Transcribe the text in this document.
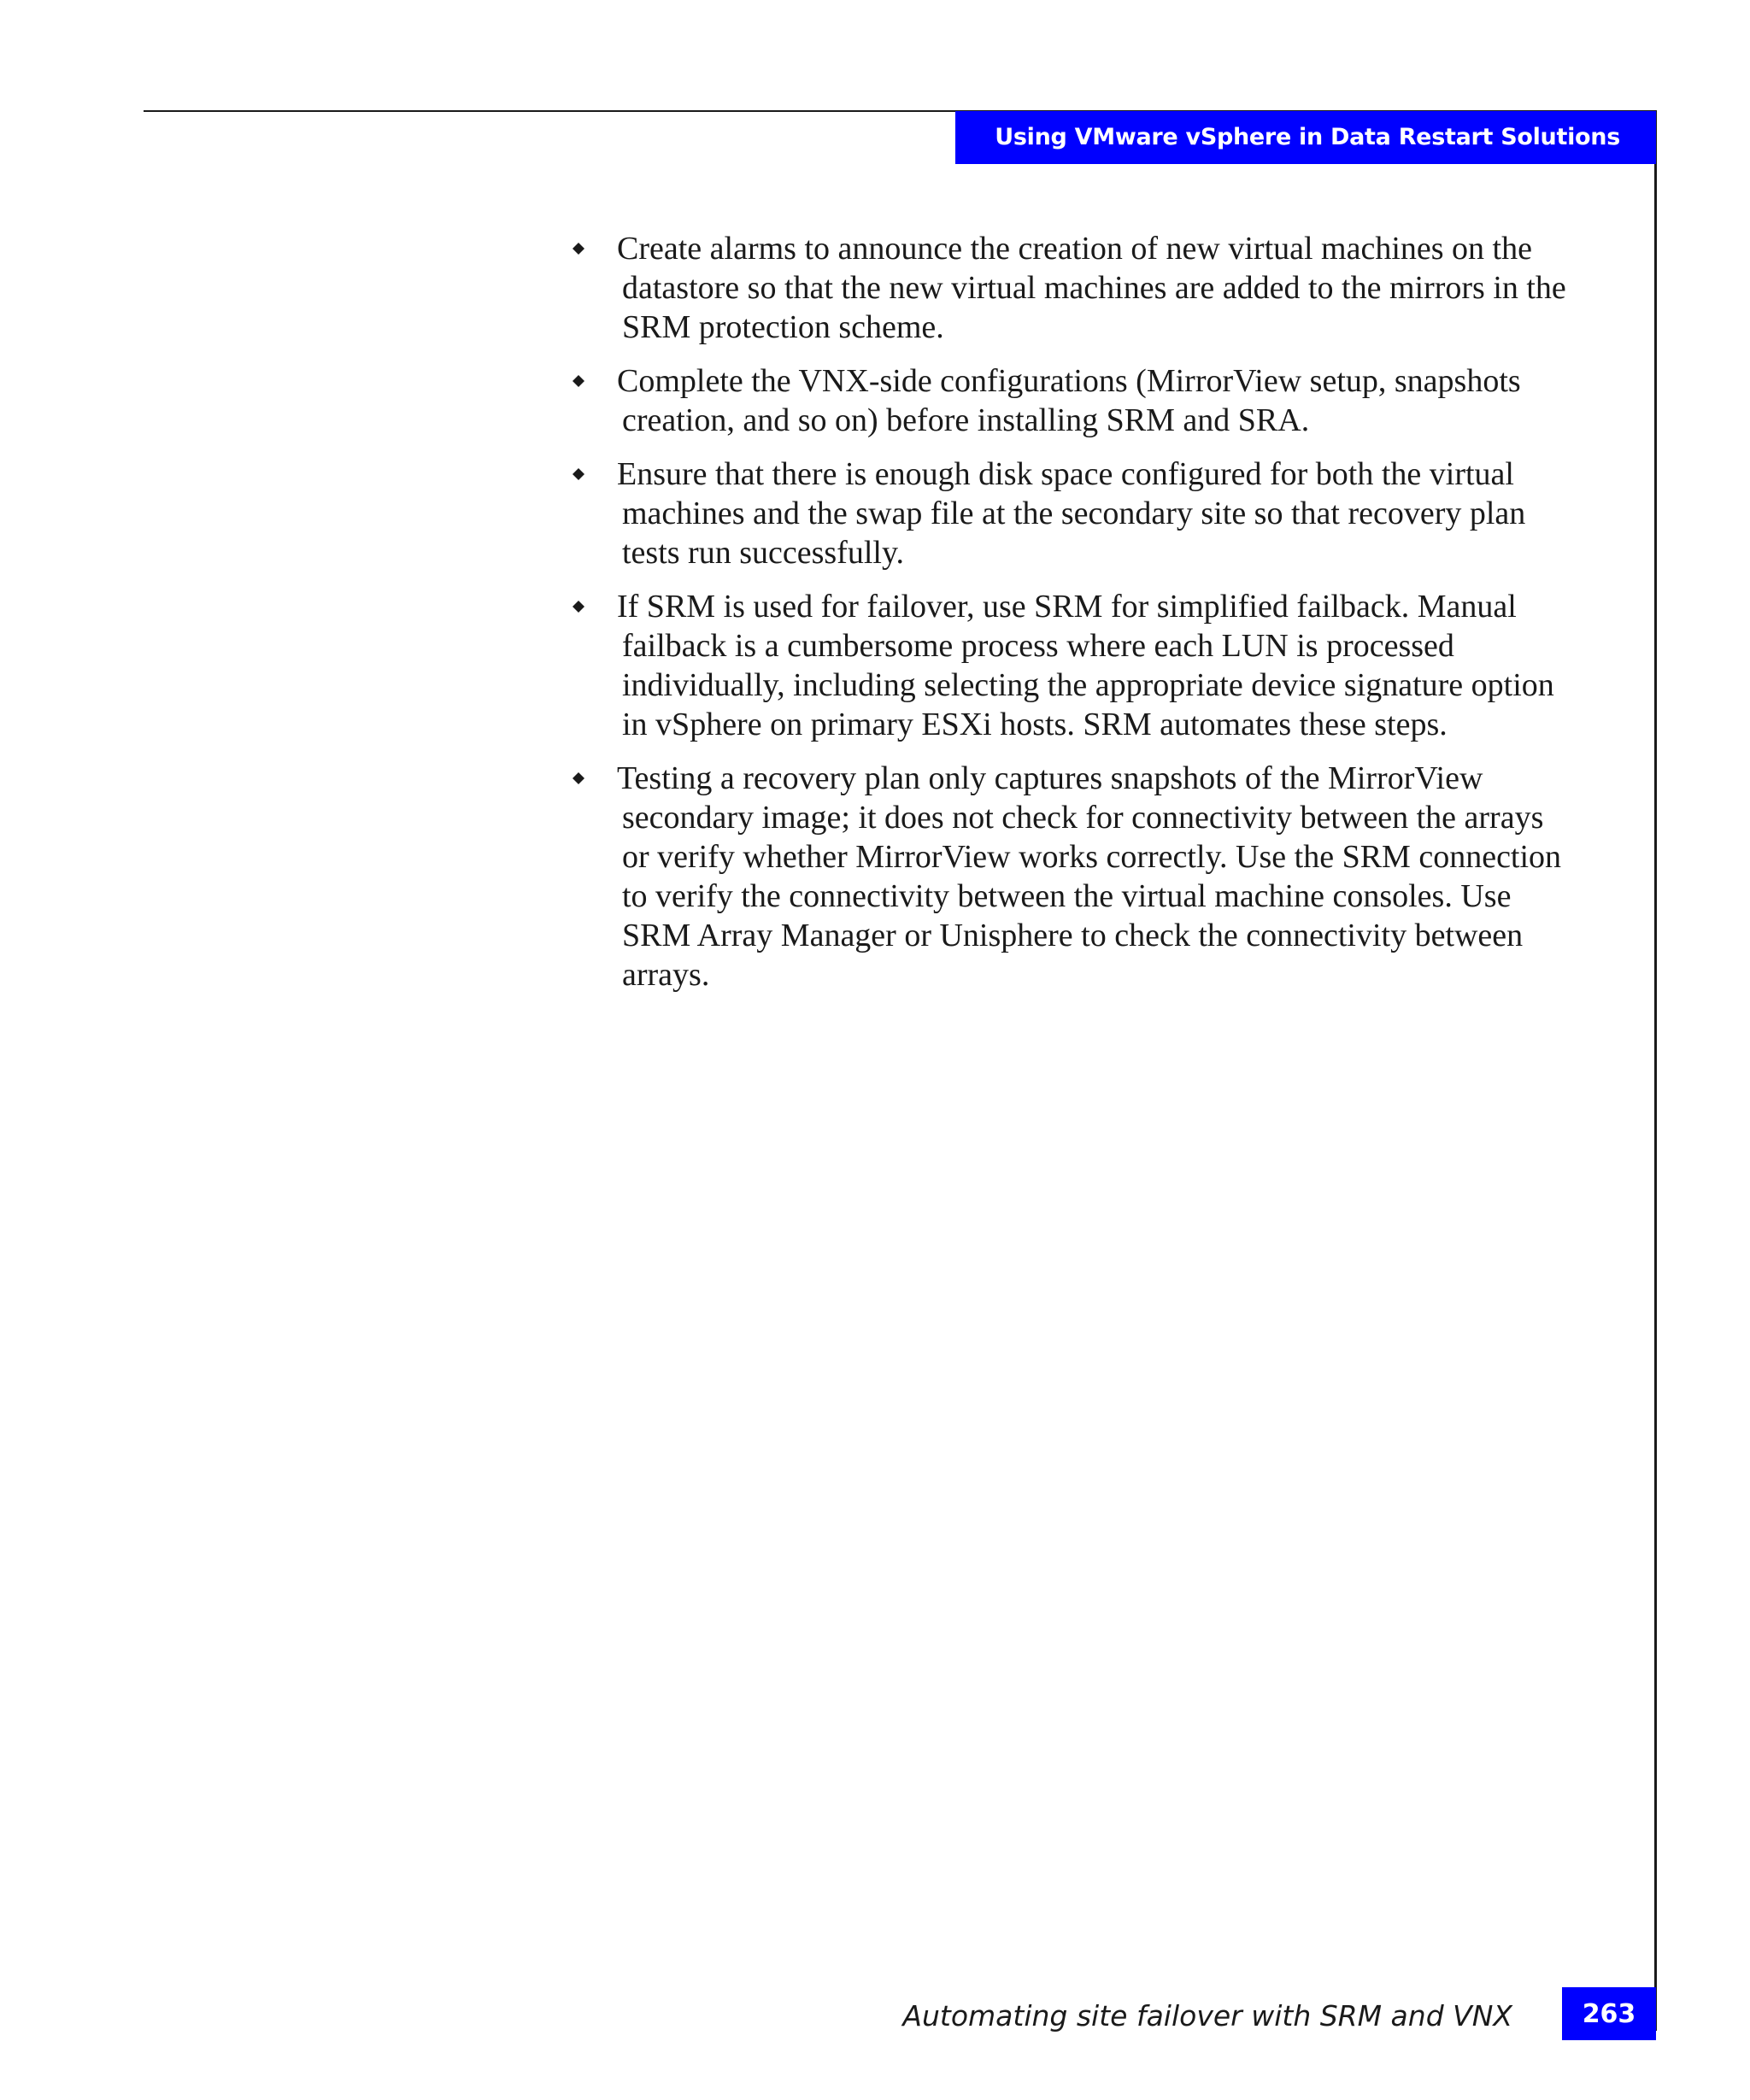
Using VMware vSphere in Data Restart Solutions
Create alarms to announce the creation of new virtual machines on the datastore so that the new virtual machines are added to the mirrors in the SRM protection scheme.
Complete the VNX-side configurations (MirrorView setup, snapshots creation, and so on) before installing SRM and SRA.
Ensure that there is enough disk space configured for both the virtual machines and the swap file at the secondary site so that recovery plan tests run successfully.
If SRM is used for failover, use SRM for simplified failback. Manual failback is a cumbersome process where each LUN is processed individually, including selecting the appropriate device signature option in vSphere on primary ESXi hosts. SRM automates these steps.
Testing a recovery plan only captures snapshots of the MirrorView secondary image; it does not check for connectivity between the arrays or verify whether MirrorView works correctly. Use the SRM connection to verify the connectivity between the virtual machine consoles. Use SRM Array Manager or Unisphere to check the connectivity between arrays.
Automating site failover with SRM and VNX	263
